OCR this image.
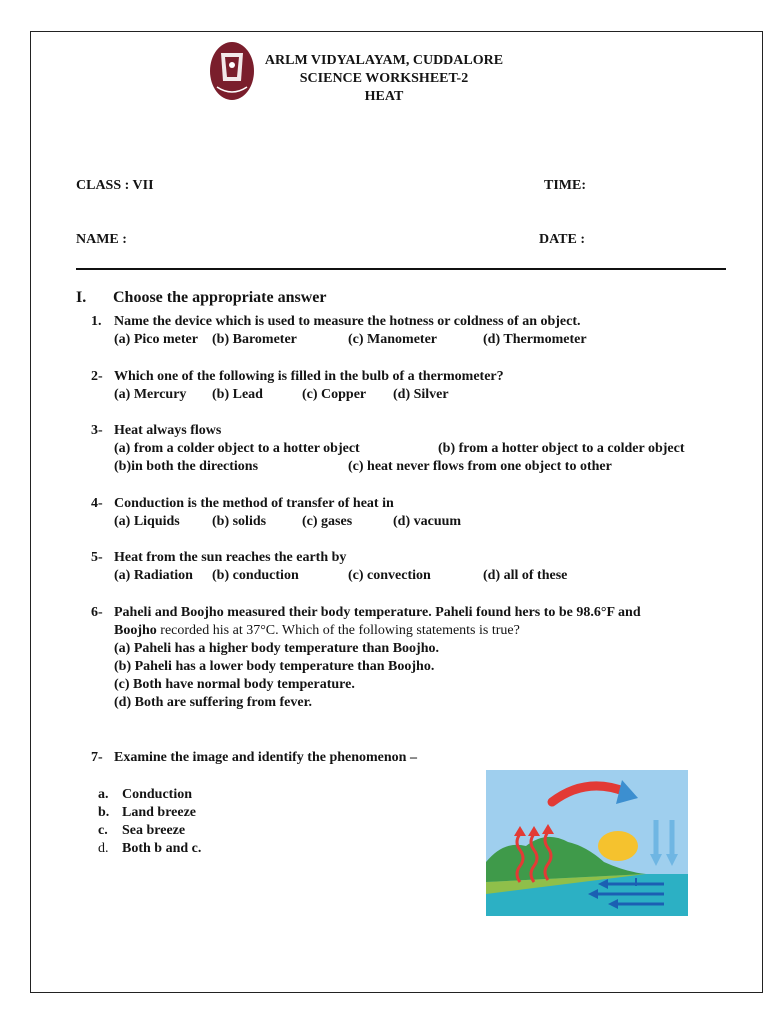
ARLM VIDYALAYAM, CUDDALORE
SCIENCE WORKSHEET-2
HEAT
CLASS : VII	TIME:
NAME :	DATE :
I. Choose the appropriate answer
1. Name the device which is used to measure the hotness or coldness of an object.
(a) Pico meter (b) Barometer	(c) Manometer	(d) Thermometer
2- Which one of the following is filled in the bulb of a thermometer?
(a) Mercury (b) Lead	(c) Copper (d) Silver
3- Heat always flows
(a) from a colder object to a hotter object	(b) from a hotter object to a colder object
(b)in both the directions	(c) heat never flows from one object to other
4- Conduction is the method of transfer of heat in
(a) Liquids (b) solids	(c) gases	(d) vacuum
5- Heat from the sun reaches the earth by
(a) Radiation (b) conduction	(c) convection	(d) all of these
6- Paheli and Boojho measured their body temperature. Paheli found hers to be 98.6°F and
Boojho recorded his at 37°C. Which of the following statements is true?
(a) Paheli has a higher body temperature than Boojho.
(b) Paheli has a lower body temperature than Boojho.
(c) Both have normal body temperature.
(d) Both are suffering from fever.
7- Examine the image and identify the phenomenon –
a. Conduction
b. Land breeze
c. Sea breeze
d. Both b and c.
